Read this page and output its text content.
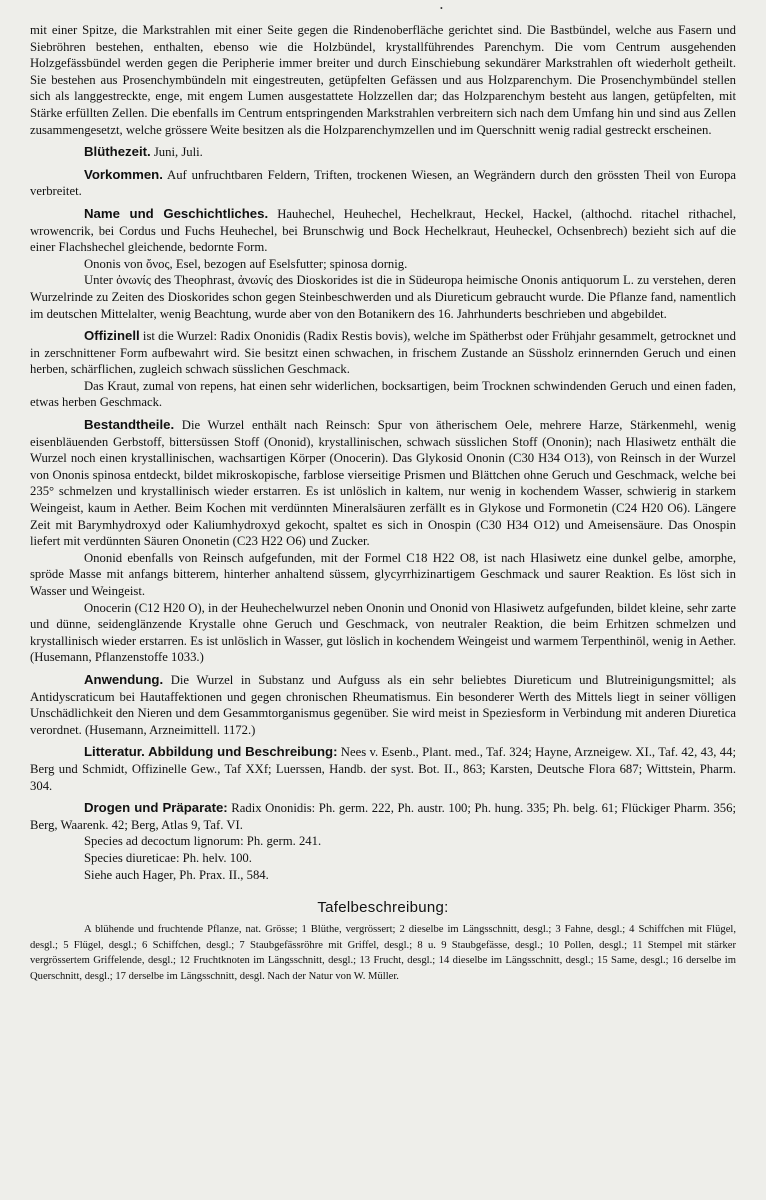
•

mit einer Spitze, die Markstrahlen mit einer Seite gegen die Rindenoberfläche gerichtet sind. Die Bastbündel, welche aus Fasern und Siebröhren bestehen, enthalten, ebenso wie die Holzbündel, krystallführendes Parenchym. Die vom Centrum ausgehenden Holzgefässbündel werden gegen die Peripherie immer breiter und durch Einschiebung sekundärer Markstrahlen oft wiederholt getheilt. Sie bestehen aus Prosenchymbündeln mit eingestreuten, getüpfelten Gefässen und aus Holzparenchym. Die Prosenchymbündel stellen sich als langgestreckte, enge, mit engem Lumen ausgestattete Holzzellen dar; das Holzparenchym besteht aus langen, getüpfelten, mit Stärke erfüllten Zellen. Die ebenfalls im Centrum entspringenden Markstrahlen verbreitern sich nach dem Umfang hin und sind aus Zellen zusammengesetzt, welche grössere Weite besitzen als die Holzparenchymzellen und im Querschnitt wenig radial gestreckt erscheinen.

Blüthezeit. Juni, Juli.

Vorkommen. Auf unfruchtbaren Feldern, Triften, trockenen Wiesen, an Wegrändern durch den grössten Theil von Europa verbreitet.

Name und Geschichtliches. Hauhechel, Heuhechel, Hechelkraut, Heckel, Hackel, (althochd. ritachel rithachel, wrowencrik, bei Cordus und Fuchs Heuhechel, bei Brunschwig und Bock Hechelkraut, Heuheckel, Ochsenbrech) bezieht sich auf die einer Flachshechel gleichende, bedornte Form.

Ononis von ὄνος, Esel, bezogen auf Eselsfutter; spinosa dornig.

Unter ὀνωνίς des Theophrast, ἀνωνίς des Dioskorides ist die in Südeuropa heimische Ononis antiquorum L. zu verstehen, deren Wurzelrinde zu Zeiten des Dioskorides schon gegen Steinbeschwerden und als Diureticum gebraucht wurde. Die Pflanze fand, namentlich im deutschen Mittelalter, wenig Beachtung, wurde aber von den Botanikern des 16. Jahrhunderts beschrieben und abgebildet.

Offizinell ist die Wurzel: Radix Ononidis (Radix Restis bovis), welche im Spätherbst oder Frühjahr gesammelt, getrocknet und in zerschnittener Form aufbewahrt wird. Sie besitzt einen schwachen, in frischem Zustande an Süssholz erinnernden Geruch und einen herben, schärflichen, zugleich schwach süsslichen Geschmack.

Das Kraut, zumal von repens, hat einen sehr widerlichen, bocksartigen, beim Trocknen schwindenden Geruch und einen faden, etwas herben Geschmack.

Bestandtheile. Die Wurzel enthält nach Reinsch: Spur von ätherischem Oele, mehrere Harze, Stärkenmehl, wenig eisenbläuenden Gerbstoff, bittersüssen Stoff (Ononid), krystallinischen, schwach süsslichen Stoff (Ononin); nach Hlasiwetz enthält die Wurzel noch einen krystallinischen, wachsartigen Körper (Onocerin). Das Glykosid Ononin (C30 H34 O13), von Reinsch in der Wurzel von Ononis spinosa entdeckt, bildet mikroskopische, farblose vierseitige Prismen und Blättchen ohne Geruch und Geschmack, welche bei 235° schmelzen und krystallinisch wieder erstarren. Es ist unlöslich in kaltem, nur wenig in kochendem Wasser, schwierig in starkem Weingeist, kaum in Aether. Beim Kochen mit verdünnten Mineralsäuren zerfällt es in Glykose und Formonetin (C24 H20 O6). Längere Zeit mit Barymhydroxyd oder Kaliumhydroxyd gekocht, spaltet es sich in Onospin (C30 H34 O12) und Ameisensäure. Das Onospin liefert mit verdünnten Säuren Ononetin (C23 H22 O6) und Zucker.

Ononid ebenfalls von Reinsch aufgefunden, mit der Formel C18 H22 O8, ist nach Hlasiwetz eine dunkel gelbe, amorphe, spröde Masse mit anfangs bitterem, hinterher anhaltend süssem, glycyrrhizinartigem Geschmack und saurer Reaktion. Es löst sich in Wasser und Weingeist.

Onocerin (C12 H20 O), in der Heuhechelwurzel neben Ononin und Ononid von Hlasiwetz aufgefunden, bildet kleine, sehr zarte und dünne, seidenglänzende Krystalle ohne Geruch und Geschmack, von neutraler Reaktion, die beim Erhitzen schmelzen und krystallinisch wieder erstarren. Es ist unlöslich in Wasser, gut löslich in kochendem Weingeist und warmem Terpenthinöl, wenig in Aether. (Husemann, Pflanzenstoffe 1033.)

Anwendung. Die Wurzel in Substanz und Aufguss als ein sehr beliebtes Diureticum und Blutreinigungsmittel; als Antidyscraticum bei Hautaffektionen und gegen chronischen Rheumatismus. Ein besonderer Werth des Mittels liegt in seiner völligen Unschädlichkeit den Nieren und dem Gesammtorganismus gegenüber. Sie wird meist in Speziesform in Verbindung mit anderen Diuretica verordnet. (Husemann, Arzneimittell. 1172.)

Litteratur. Abbildung und Beschreibung: Nees v. Esenb., Plant. med., Taf. 324; Hayne, Arzneigew. XI., Taf. 42, 43, 44; Berg und Schmidt, Offizinelle Gew., Taf XXf; Luerssen, Handb. der syst. Bot. II., 863; Karsten, Deutsche Flora 687; Wittstein, Pharm. 304.

Drogen und Präparate: Radix Ononidis: Ph. germ. 222, Ph. austr. 100; Ph. hung. 335; Ph. belg. 61; Flückiger Pharm. 356; Berg, Waarenk. 42; Berg, Atlas 9, Taf. VI.

Species ad decoctum lignorum: Ph. germ. 241.

Species diureticae: Ph. helv. 100.

Siehe auch Hager, Ph. Prax. II., 584.

Tafelbeschreibung:
A blühende und fruchtende Pflanze, nat. Grösse; 1 Blüthe, vergrössert; 2 dieselbe im Längsschnitt, desgl.; 3 Fahne, desgl.; 4 Schiffchen mit Flügel, desgl.; 5 Flügel, desgl.; 6 Schiffchen, desgl.; 7 Staubgefässröhre mit Griffel, desgl.; 8 u. 9 Staubgefässe, desgl.; 10 Pollen, desgl.; 11 Stempel mit stärker vergrössertem Griffelende, desgl.; 12 Fruchtknoten im Längsschnitt, desgl.; 13 Frucht, desgl.; 14 dieselbe im Längsschnitt, desgl.; 15 Same, desgl.; 16 derselbe im Querschnitt, desgl.; 17 derselbe im Längsschnitt, desgl. Nach der Natur von W. Müller.
